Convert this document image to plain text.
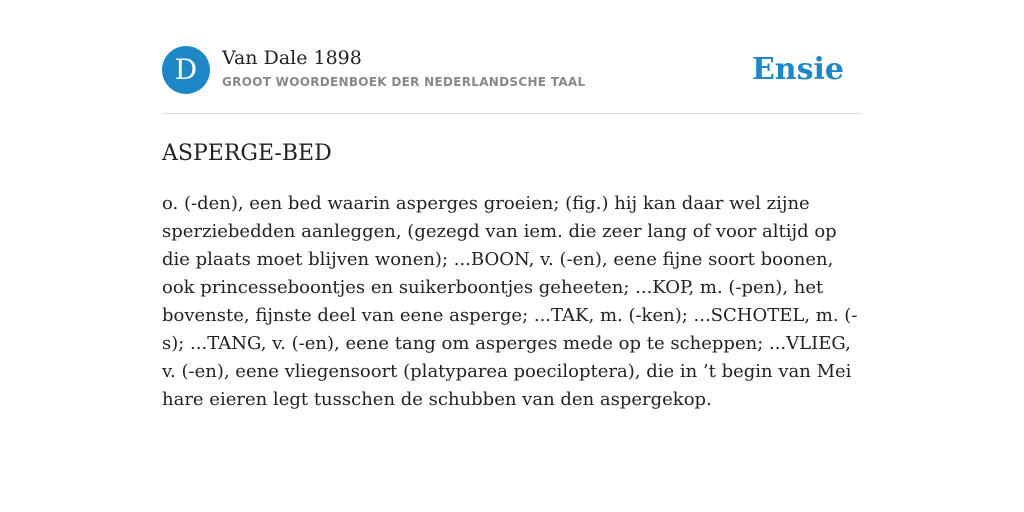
D	Van Dale 1898
GROOT WOORDENBOEK DER NEDERLANDSCHE TAAL	Ensie
ASPERGE-BED
o. (-den), een bed waarin asperges groeien; (fig.) hij kan daar wel zijne sperziebedden aanleggen, (gezegd van iem. die zeer lang of voor altijd op die plaats moet blijven wonen); ...BOON, v. (-en), eene fijne soort boonen, ook princesseboontjes en suikerboontjes geheeten; ...KOP, m. (-pen), het bovenste, fijnste deel van eene asperge; ...TAK, m. (-ken); ...SCHOTEL, m. (-s); ...TANG, v. (-en), eene tang om asperges mede op te scheppen; ...VLIEG, v. (-en), eene vliegensoort (platyparea poeciloptera), die in ’t begin van Mei hare eieren legt tusschen de schubben van den aspergekop.
